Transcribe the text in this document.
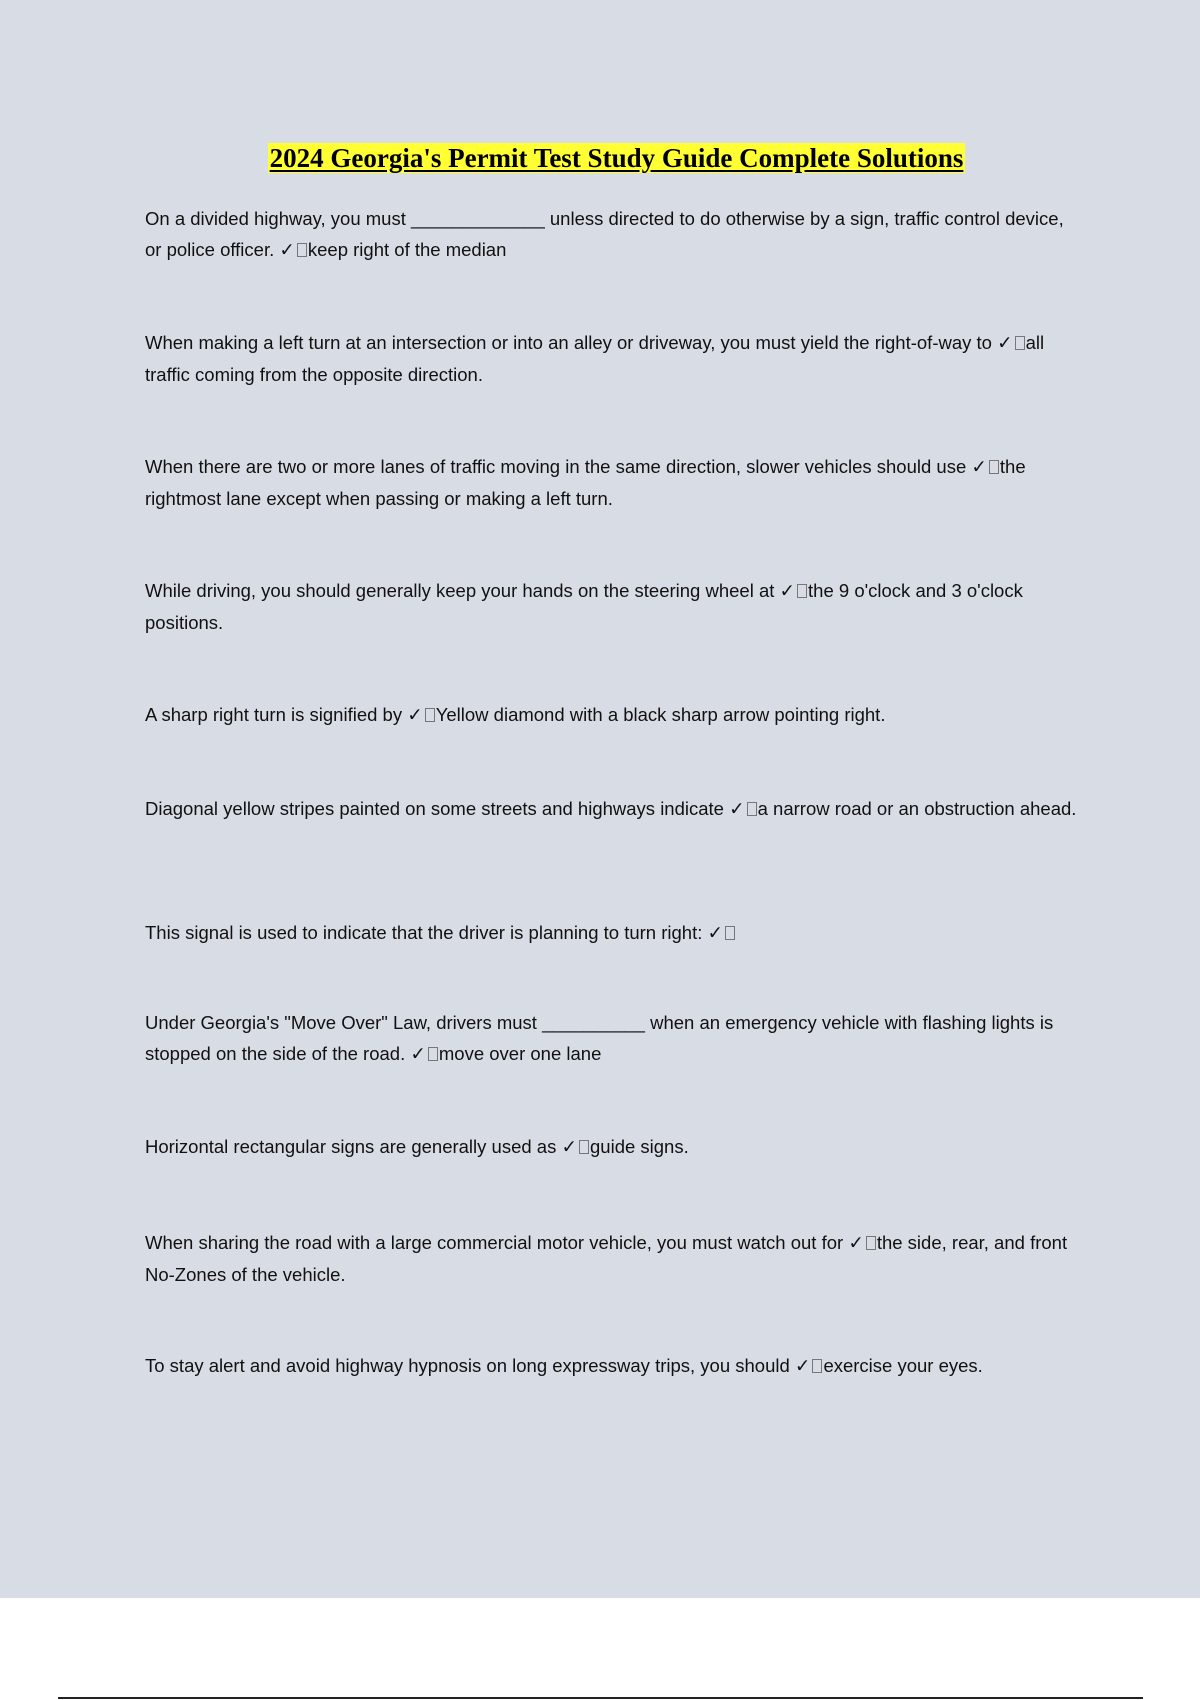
2024 Georgia's Permit Test Study Guide Complete Solutions

On a divided highway, you must _____________ unless directed to do otherwise by a sign, traffic control device, or police officer. ✓ keep right of the median

When making a left turn at an intersection or into an alley or driveway, you must yield the right-of-way to ✓ all traffic coming from the opposite direction.

When there are two or more lanes of traffic moving in the same direction, slower vehicles should use ✓ the rightmost lane except when passing or making a left turn.

While driving, you should generally keep your hands on the steering wheel at ✓ the 9 o'clock and 3 o'clock positions.

A sharp right turn is signified by ✓ Yellow diamond with a black sharp arrow pointing right.

Diagonal yellow stripes painted on some streets and highways indicate ✓ a narrow road or an obstruction ahead.

This signal is used to indicate that the driver is planning to turn right: ✓

Under Georgia's "Move Over" Law, drivers must __________ when an emergency vehicle with flashing lights is stopped on the side of the road. ✓ move over one lane

Horizontal rectangular signs are generally used as ✓ guide signs.

When sharing the road with a large commercial motor vehicle, you must watch out for ✓ the side, rear, and front No-Zones of the vehicle.

To stay alert and avoid highway hypnosis on long expressway trips, you should ✓ exercise your eyes.
